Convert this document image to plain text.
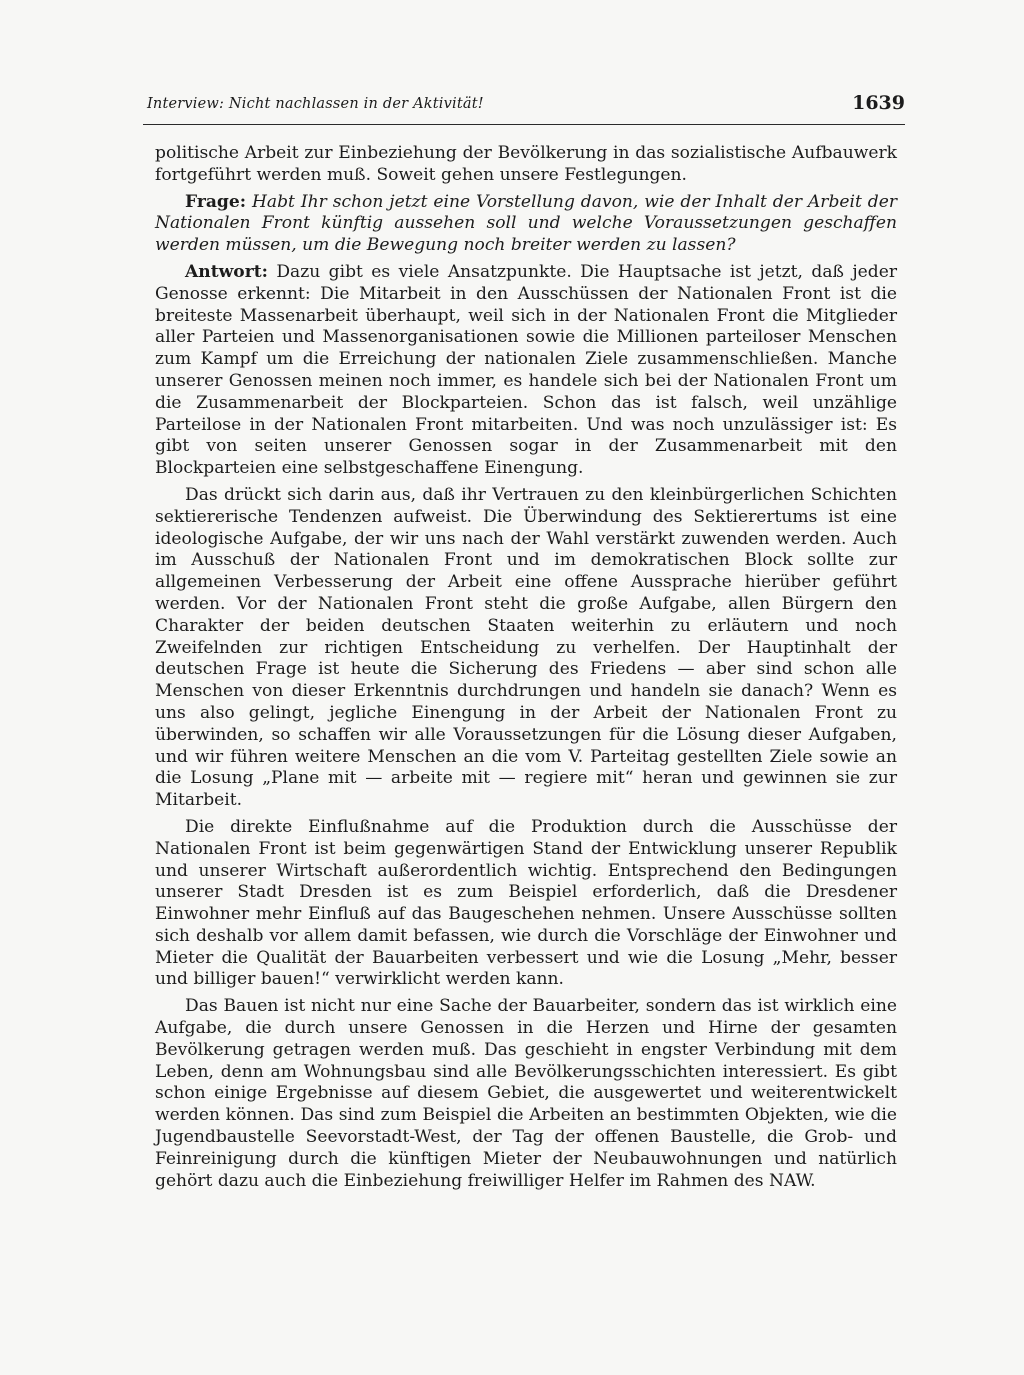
Interview: Nicht nachlassen in der Aktivität!	1639

politische Arbeit zur Einbeziehung der Bevölkerung in das sozialistische Aufbauwerk fortgeführt werden muß. Soweit gehen unsere Festlegungen.

Frage: Habt Ihr schon jetzt eine Vorstellung davon, wie der Inhalt der Arbeit der Nationalen Front künftig aussehen soll und welche Voraussetzungen geschaffen werden müssen, um die Bewegung noch breiter werden zu lassen?

Antwort: Dazu gibt es viele Ansatzpunkte. Die Hauptsache ist jetzt, daß jeder Genosse erkennt: Die Mitarbeit in den Ausschüssen der Nationalen Front ist die breiteste Massenarbeit überhaupt, weil sich in der Nationalen Front die Mitglieder aller Parteien und Massenorganisationen sowie die Millionen parteiloser Menschen zum Kampf um die Erreichung der nationalen Ziele zusammenschließen. Manche unserer Genossen meinen noch immer, es handele sich bei der Nationalen Front um die Zusammenarbeit der Blockparteien. Schon das ist falsch, weil unzählige Parteilose in der Nationalen Front mitarbeiten. Und was noch unzulässiger ist: Es gibt von seiten unserer Genossen sogar in der Zusammenarbeit mit den Blockparteien eine selbstgeschaffene Einengung.

Das drückt sich darin aus, daß ihr Vertrauen zu den kleinbürgerlichen Schichten sektiererische Tendenzen aufweist. Die Überwindung des Sektierertums ist eine ideologische Aufgabe, der wir uns nach der Wahl verstärkt zuwenden werden. Auch im Ausschuß der Nationalen Front und im demokratischen Block sollte zur allgemeinen Verbesserung der Arbeit eine offene Aussprache hierüber geführt werden. Vor der Nationalen Front steht die große Aufgabe, allen Bürgern den Charakter der beiden deutschen Staaten weiterhin zu erläutern und noch Zweifelnden zur richtigen Entscheidung zu verhelfen. Der Hauptinhalt der deutschen Frage ist heute die Sicherung des Friedens — aber sind schon alle Menschen von dieser Erkenntnis durchdrungen und handeln sie danach? Wenn es uns also gelingt, jegliche Einengung in der Arbeit der Nationalen Front zu überwinden, so schaffen wir alle Voraussetzungen für die Lösung dieser Aufgaben, und wir führen weitere Menschen an die vom V. Parteitag gestellten Ziele sowie an die Losung „Plane mit — arbeite mit — regiere mit“ heran und gewinnen sie zur Mitarbeit.

Die direkte Einflußnahme auf die Produktion durch die Ausschüsse der Nationalen Front ist beim gegenwärtigen Stand der Entwicklung unserer Republik und unserer Wirtschaft außerordentlich wichtig. Entsprechend den Bedingungen unserer Stadt Dresden ist es zum Beispiel erforderlich, daß die Dresdener Einwohner mehr Einfluß auf das Baugeschehen nehmen. Unsere Ausschüsse sollten sich deshalb vor allem damit befassen, wie durch die Vorschläge der Einwohner und Mieter die Qualität der Bauarbeiten verbessert und wie die Losung „Mehr, besser und billiger bauen!“ verwirklicht werden kann.

Das Bauen ist nicht nur eine Sache der Bauarbeiter, sondern das ist wirklich eine Aufgabe, die durch unsere Genossen in die Herzen und Hirne der gesamten Bevölkerung getragen werden muß. Das geschieht in engster Verbindung mit dem Leben, denn am Wohnungsbau sind alle Bevölkerungsschichten interessiert. Es gibt schon einige Ergebnisse auf diesem Gebiet, die ausgewertet und weiterentwickelt werden können. Das sind zum Beispiel die Arbeiten an bestimmten Objekten, wie die Jugendbaustelle Seevorstadt-West, der Tag der offenen Baustelle, die Grob- und Feinreinigung durch die künftigen Mieter der Neubauwohnungen und natürlich gehört dazu auch die Einbeziehung freiwilliger Helfer im Rahmen des NAW.
